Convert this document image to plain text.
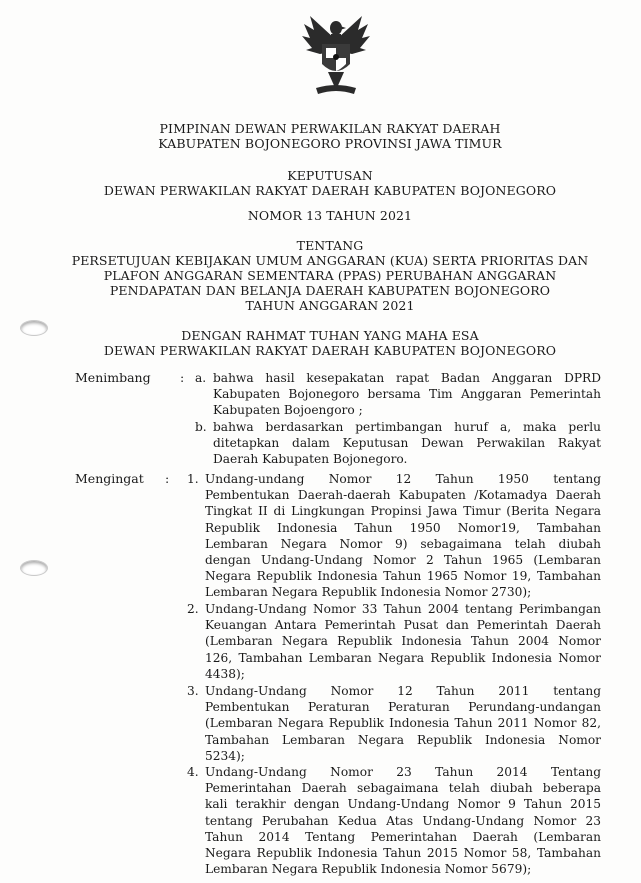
PIMPINAN DEWAN PERWAKILAN RAKYAT DAERAH
KABUPATEN BOJONEGORO PROVINSI JAWA TIMUR
KEPUTUSAN
DEWAN PERWAKILAN RAKYAT DAERAH KABUPATEN BOJONEGORO
NOMOR 13 TAHUN 2021
TENTANG
PERSETUJUAN KEBIJAKAN UMUM ANGGARAN (KUA) SERTA PRIORITAS DAN
PLAFON ANGGARAN SEMENTARA (PPAS) PERUBAHAN ANGGARAN
PENDAPATAN DAN BELANJA DAERAH KABUPATEN BOJONEGORO
TAHUN ANGGARAN 2021
DENGAN RAHMAT TUHAN YANG MAHA ESA
DEWAN PERWAKILAN RAKYAT DAERAH KABUPATEN BOJONEGORO
Menimbang : a. bahwa hasil kesepakatan rapat Badan Anggaran DPRD
Kabupaten Bojonegoro bersama Tim Anggaran Pemerintah
Kabupaten Bojoengoro ;
b. bahwa berdasarkan pertimbangan huruf a, maka perlu
ditetapkan dalam Keputusan Dewan Perwakilan Rakyat
Daerah Kabupaten Bojonegoro.
Mengingat : 1. Undang-undang Nomor 12 Tahun 1950 tentang
Pembentukan Daerah-daerah Kabupaten /Kotamadya Daerah
Tingkat II di Lingkungan Propinsi Jawa Timur (Berita Negara
Republik Indonesia Tahun 1950 Nomor19, Tambahan
Lembaran Negara Nomor 9) sebagaimana telah diubah
dengan Undang-Undang Nomor 2 Tahun 1965 (Lembaran
Negara Republik Indonesia Tahun 1965 Nomor 19, Tambahan
Lembaran Negara Republik Indonesia Nomor 2730);
2. Undang-Undang Nomor 33 Tahun 2004 tentang Perimbangan
Keuangan Antara Pemerintah Pusat dan Pemerintah Daerah
(Lembaran Negara Republik Indonesia Tahun 2004 Nomor
126, Tambahan Lembaran Negara Republik Indonesia Nomor
4438);
3. Undang-Undang Nomor 12 Tahun 2011 tentang
Pembentukan Peraturan Peraturan Perundang-undangan
(Lembaran Negara Republik Indonesia Tahun 2011 Nomor 82,
Tambahan Lembaran Negara Republik Indonesia Nomor
5234);
4. Undang-Undang Nomor 23 Tahun 2014 Tentang
Pemerintahan Daerah sebagaimana telah diubah beberapa
kali terakhir dengan Undang-Undang Nomor 9 Tahun 2015
tentang Perubahan Kedua Atas Undang-Undang Nomor 23
Tahun 2014 Tentang Pemerintahan Daerah (Lembaran
Negara Republik Indonesia Tahun 2015 Nomor 58, Tambahan
Lembaran Negara Republik Indonesia Nomor 5679);
